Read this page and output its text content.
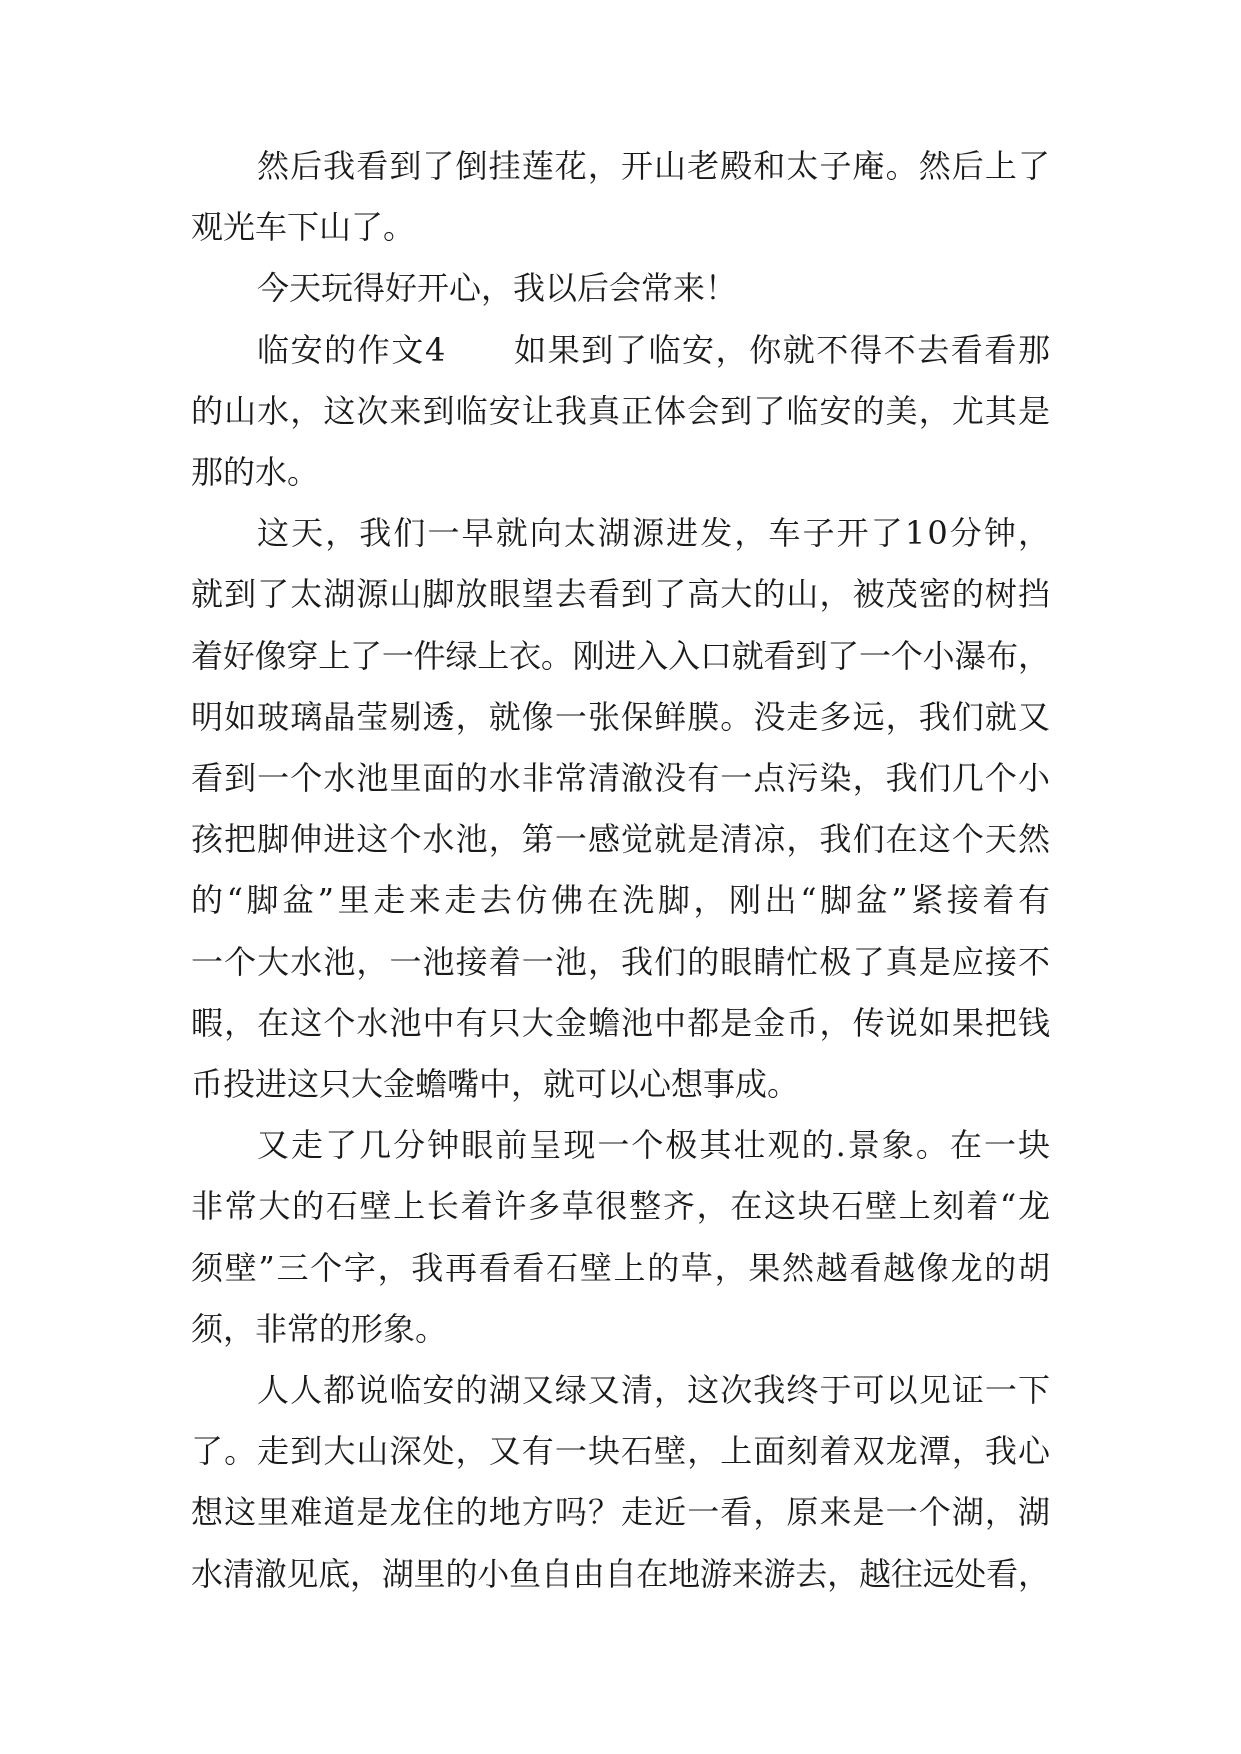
然后我看到了倒挂莲花，开山老殿和太子庵。然后上了
观光车下山了。
今天玩得好开心，我以后会常来！
临安的作文4　　如果到了临安，你就不得不去看看那
的山水，这次来到临安让我真正体会到了临安的美，尤其是
那的水。
这天，我们一早就向太湖源进发，车子开了10分钟，
就到了太湖源山脚放眼望去看到了高大的山，被茂密的树挡
着好像穿上了一件绿上衣。刚进入入口就看到了一个小瀑布，
明如玻璃晶莹剔透，就像一张保鲜膜。没走多远，我们就又
看到一个水池里面的水非常清澈没有一点污染，我们几个小
孩把脚伸进这个水池，第一感觉就是清凉，我们在这个天然
的“脚盆”里走来走去仿佛在洗脚，刚出“脚盆”紧接着有
一个大水池，一池接着一池，我们的眼睛忙极了真是应接不
暇，在这个水池中有只大金蟾池中都是金币，传说如果把钱
币投进这只大金蟾嘴中，就可以心想事成。
又走了几分钟眼前呈现一个极其壮观的.景象。在一块
非常大的石壁上长着许多草很整齐，在这块石壁上刻着“龙
须壁”三个字，我再看看石壁上的草，果然越看越像龙的胡
须，非常的形象。
人人都说临安的湖又绿又清，这次我终于可以见证一下
了。走到大山深处，又有一块石壁，上面刻着双龙潭，我心
想这里难道是龙住的地方吗？走近一看，原来是一个湖，湖
水清澈见底，湖里的小鱼自由自在地游来游去，越往远处看，
